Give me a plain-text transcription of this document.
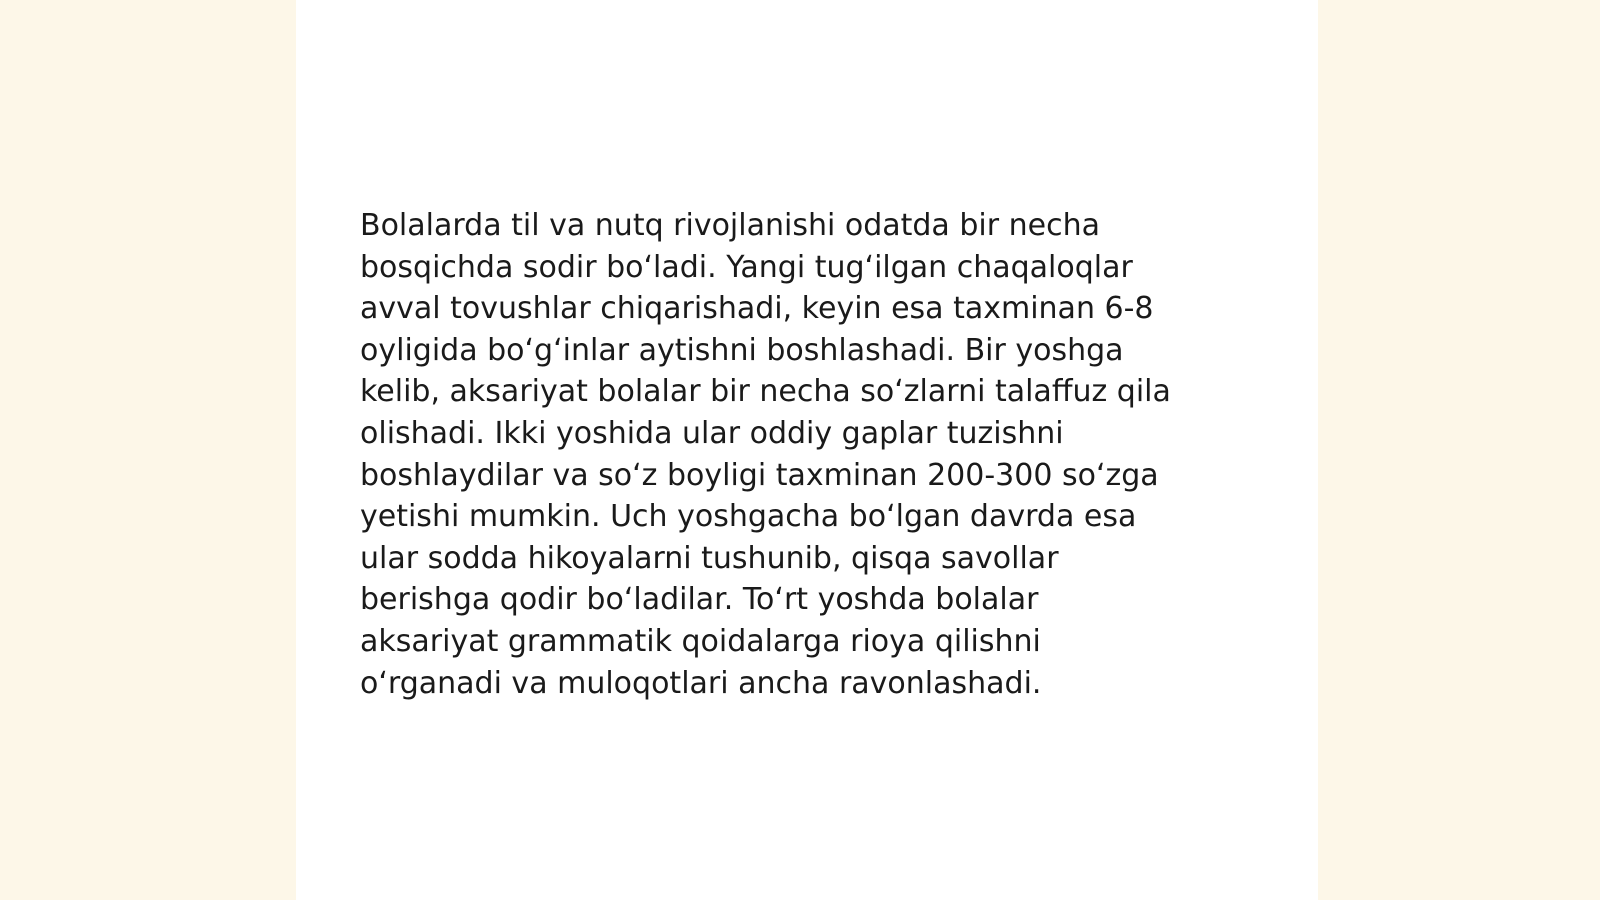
Bolalarda til va nutq rivojlanishi odatda bir necha
bosqichda sodir boʻladi. Yangi tugʻilgan chaqaloqlar
avval tovushlar chiqarishadi, keyin esa taxminan 6-8
oyligida boʻgʻinlar aytishni boshlashadi. Bir yoshga
kelib, aksariyat bolalar bir necha soʻzlarni talaffuz qila
olishadi. Ikki yoshida ular oddiy gaplar tuzishni
boshlaydilar va soʻz boyligi taxminan 200-300 soʻzga
yetishi mumkin. Uch yoshgacha boʻlgan davrda esa
ular sodda hikoyalarni tushunib, qisqa savollar
berishga qodir boʻladilar. Toʻrt yoshda bolalar
aksariyat grammatik qoidalarga rioya qilishni
oʻrganadi va muloqotlari ancha ravonlashadi.
